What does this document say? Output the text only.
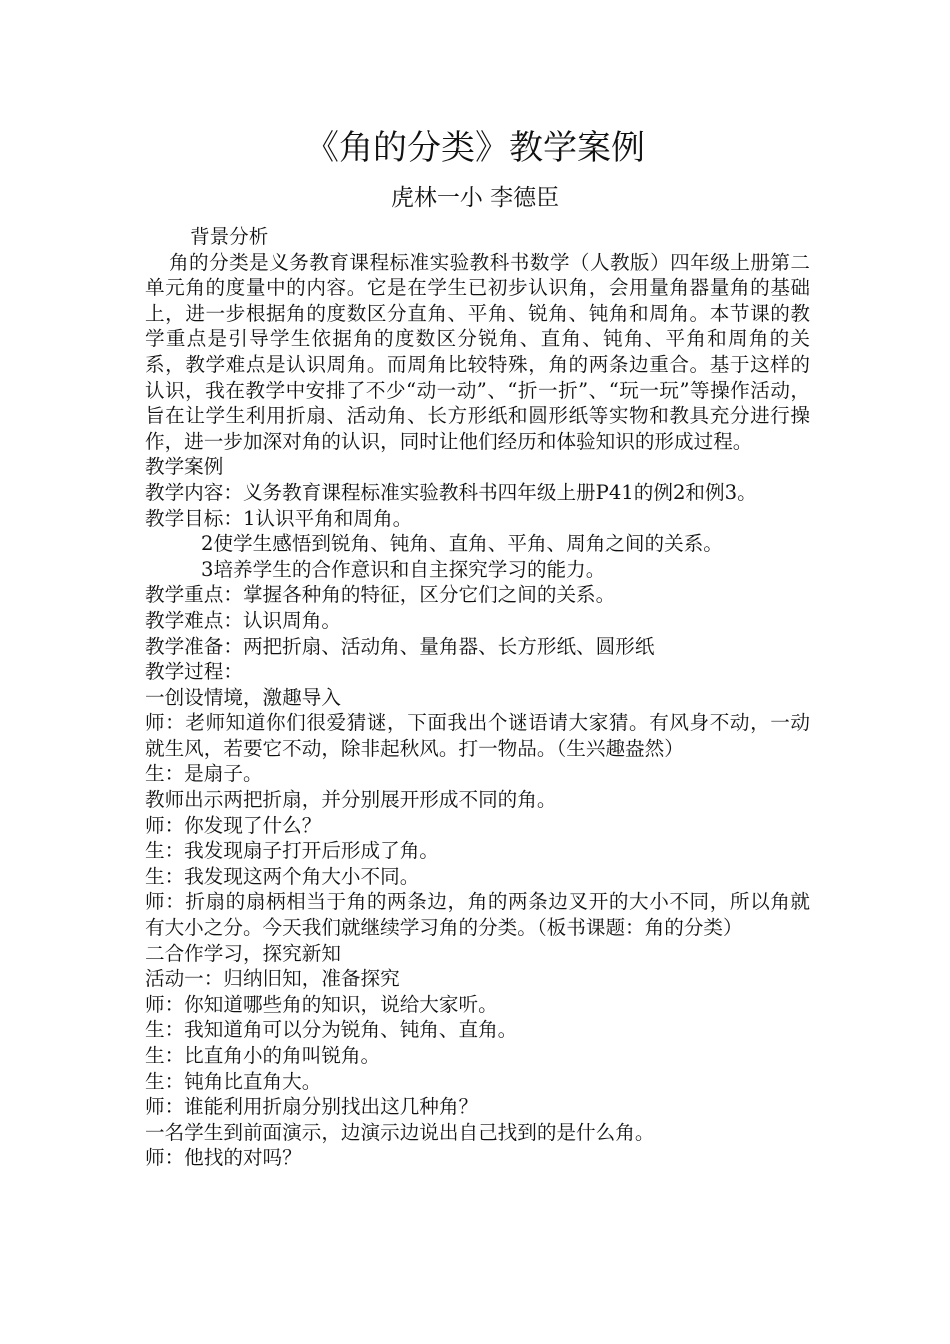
《角的分类》教学案例
虎林一小 李德臣

背景分析

角的分类是义务教育课程标准实验教科书数学（人教版）四年级上册第二单元角的度量中的内容。它是在学生已初步认识角，会用量角器量角的基础上，进一步根据角的度数区分直角、平角、锐角、钝角和周角。本节课的教学重点是引导学生依据角的度数区分锐角、直角、钝角、平角和周角的关系，教学难点是认识周角。而周角比较特殊，角的两条边重合。基于这样的认识，我在教学中安排了不少“动一动”、“折一折”、“玩一玩”等操作活动，旨在让学生利用折扇、活动角、长方形纸和圆形纸等实物和教具充分进行操作，进一步加深对角的认识，同时让他们经历和体验知识的形成过程。

教学案例

教学内容：义务教育课程标准实验教科书四年级上册P41的例2和例3。

教学目标：1认识平角和周角。

2使学生感悟到锐角、钝角、直角、平角、周角之间的关系。

3培养学生的合作意识和自主探究学习的能力。

教学重点：掌握各种角的特征，区分它们之间的关系。

教学难点：认识周角。

教学准备：两把折扇、活动角、量角器、长方形纸、圆形纸

教学过程：

一创设情境，激趣导入

师：老师知道你们很爱猜谜，下面我出个谜语请大家猜。有风身不动，一动就生风，若要它不动，除非起秋风。打一物品。（生兴趣盎然）

生：是扇子。

教师出示两把折扇，并分别展开形成不同的角。

师：你发现了什么？

生：我发现扇子打开后形成了角。

生：我发现这两个角大小不同。

师：折扇的扇柄相当于角的两条边，角的两条边叉开的大小不同，所以角就有大小之分。今天我们就继续学习角的分类。（板书课题：角的分类）

二合作学习，探究新知

活动一：归纳旧知，准备探究

师：你知道哪些角的知识，说给大家听。

生：我知道角可以分为锐角、钝角、直角。

生：比直角小的角叫锐角。

生：钝角比直角大。

师：谁能利用折扇分别找出这几种角？

一名学生到前面演示，边演示边说出自己找到的是什么角。

师：他找的对吗？
